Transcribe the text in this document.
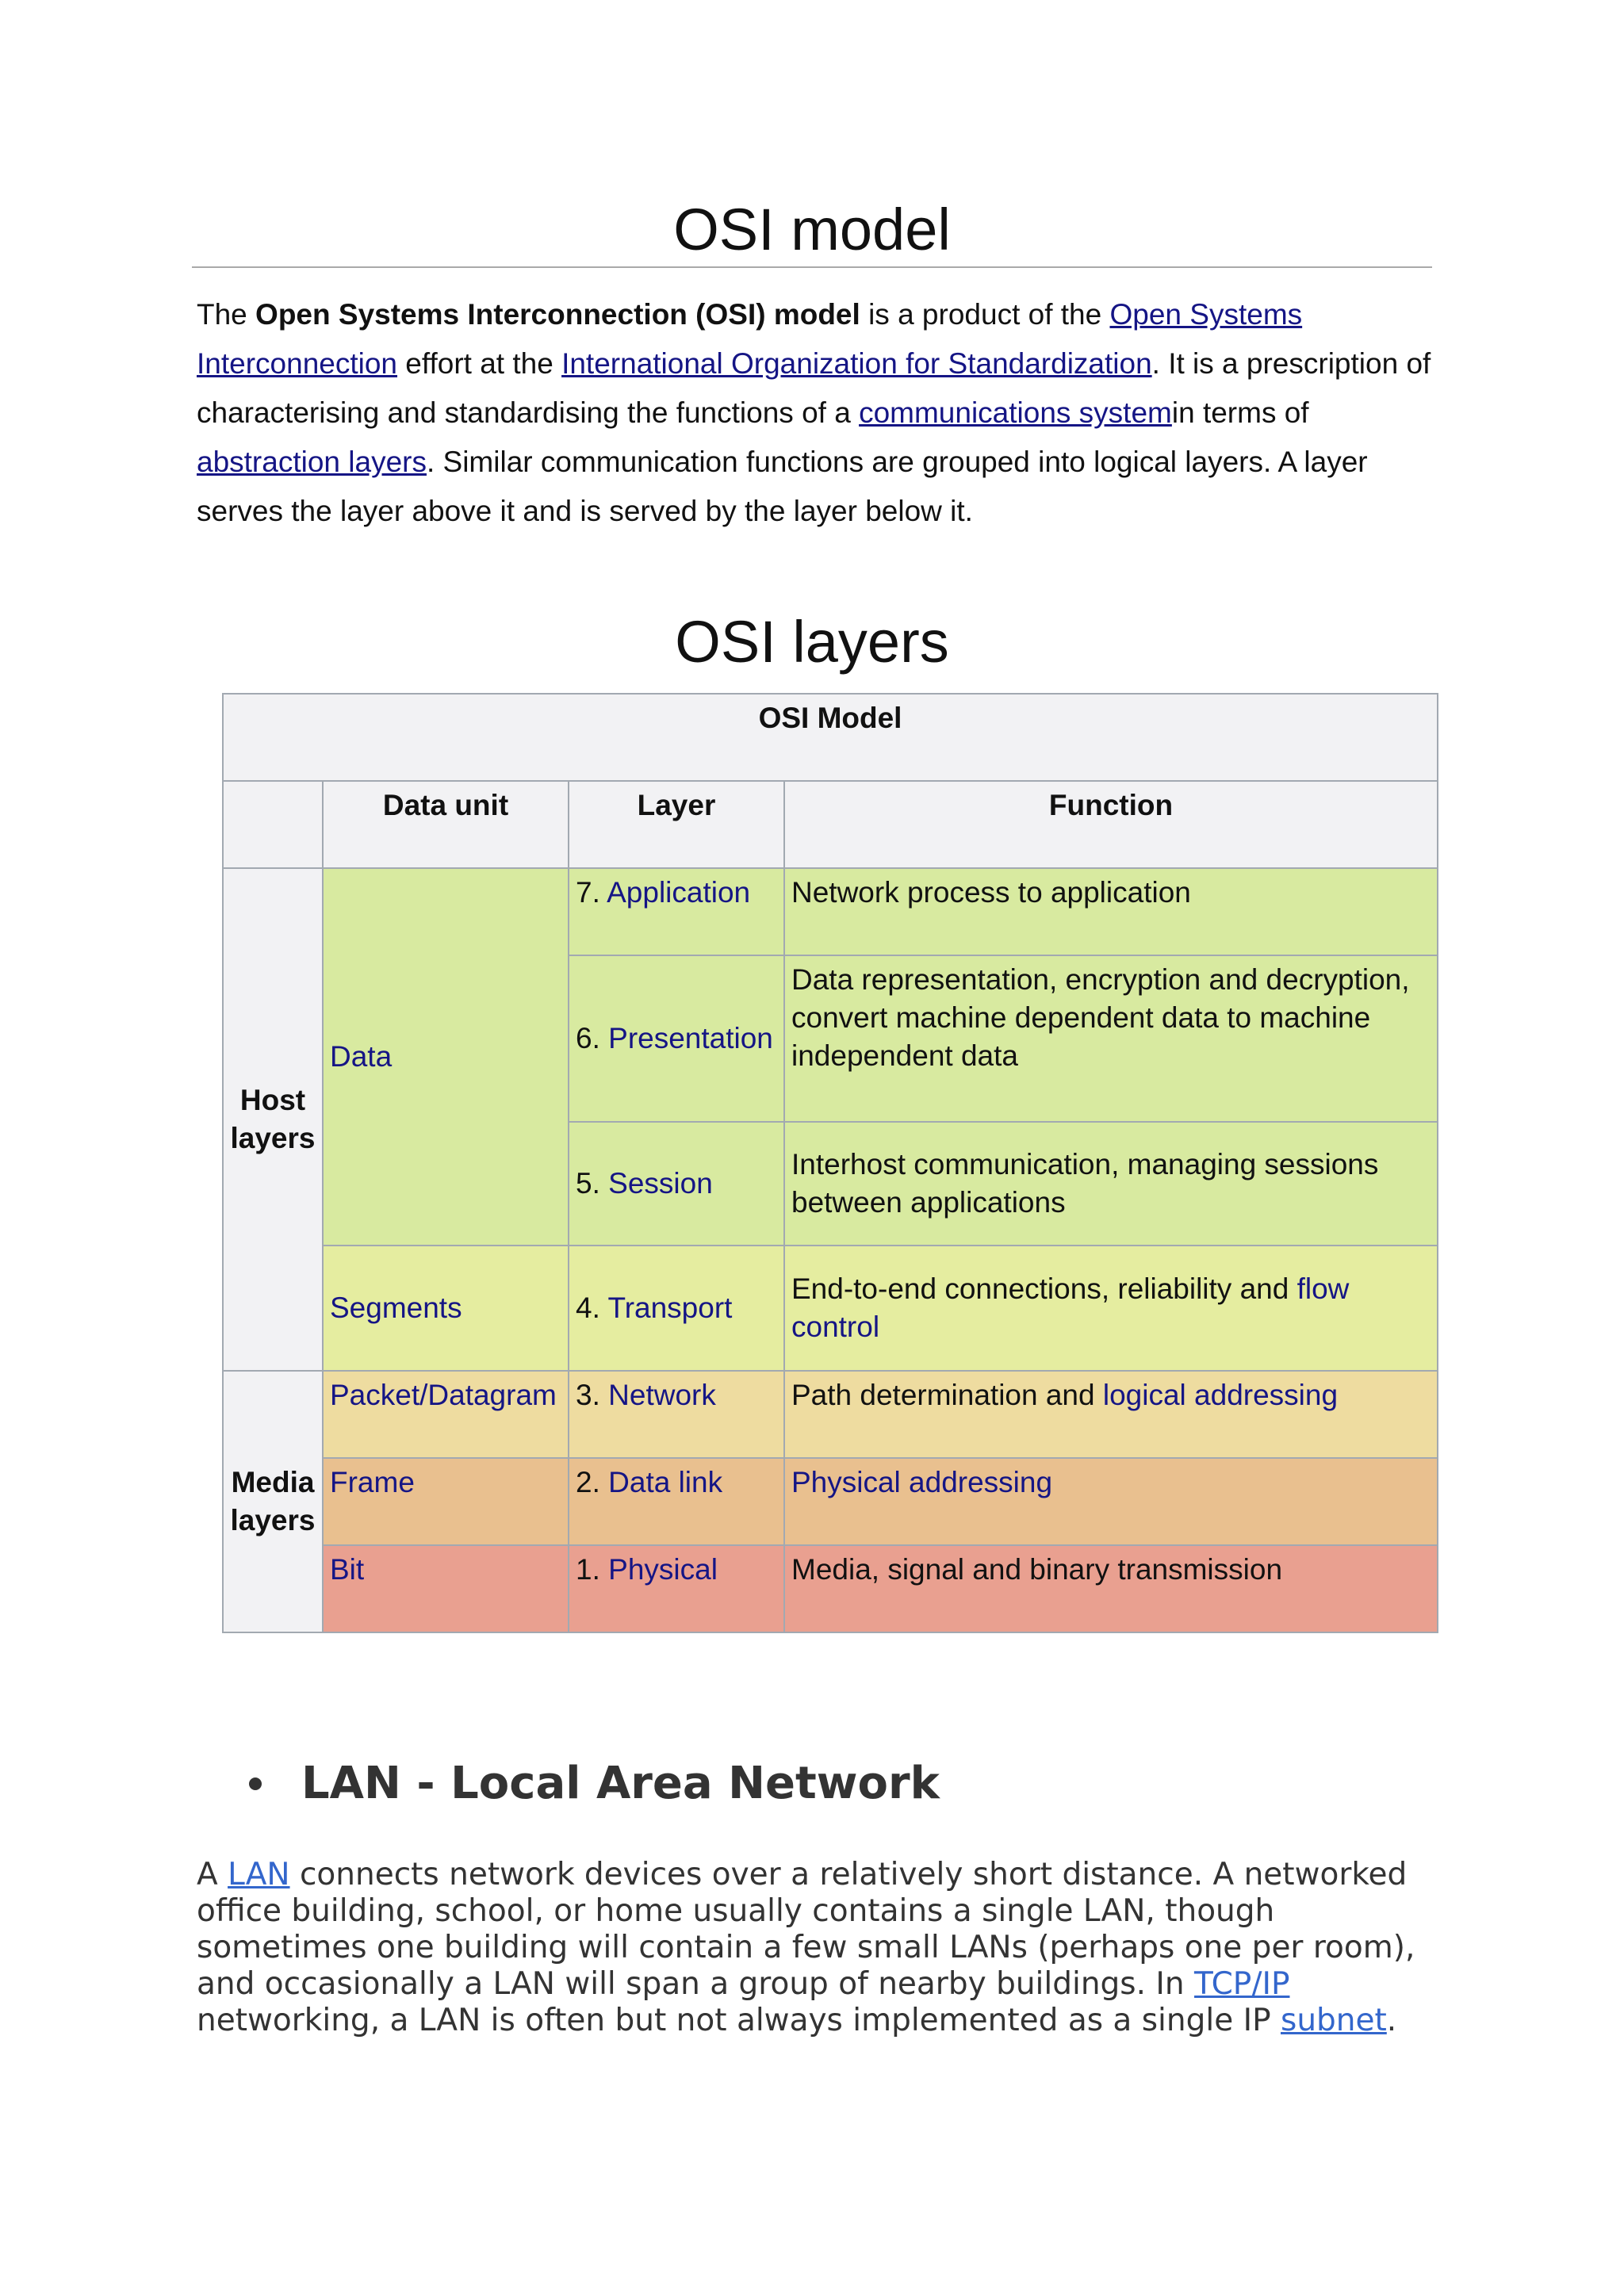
OSI model

The Open Systems Interconnection (OSI) model is a product of the Open Systems Interconnection effort at the International Organization for Standardization. It is a prescription of characterising and standardising the functions of a communications systemin terms of abstraction layers. Similar communication functions are grouped into logical layers. A layer serves the layer above it and is served by the layer below it.

OSI layers
OSI Model			
	Data unit	Layer	Function
Host layers	Data	7. Application	Network process to application
		6. Presentation	Data representation, encryption and decryption, convert machine dependent data to machine independent data
		5. Session	Interhost communication, managing sessions between applications
	Segments	4. Transport	End-to-end connections, reliability and flow control
Media layers	Packet/Datagram	3. Network	Path determination and logical addressing
	Frame	2. Data link	Physical addressing
	Bit	1. Physical	Media, signal and binary transmission
LAN - Local Area Network

A LAN connects network devices over a relatively short distance. A networked office building, school, or home usually contains a single LAN, though sometimes one building will contain a few small LANs (perhaps one per room), and occasionally a LAN will span a group of nearby buildings. In TCP/IP networking, a LAN is often but not always implemented as a single IP subnet.
